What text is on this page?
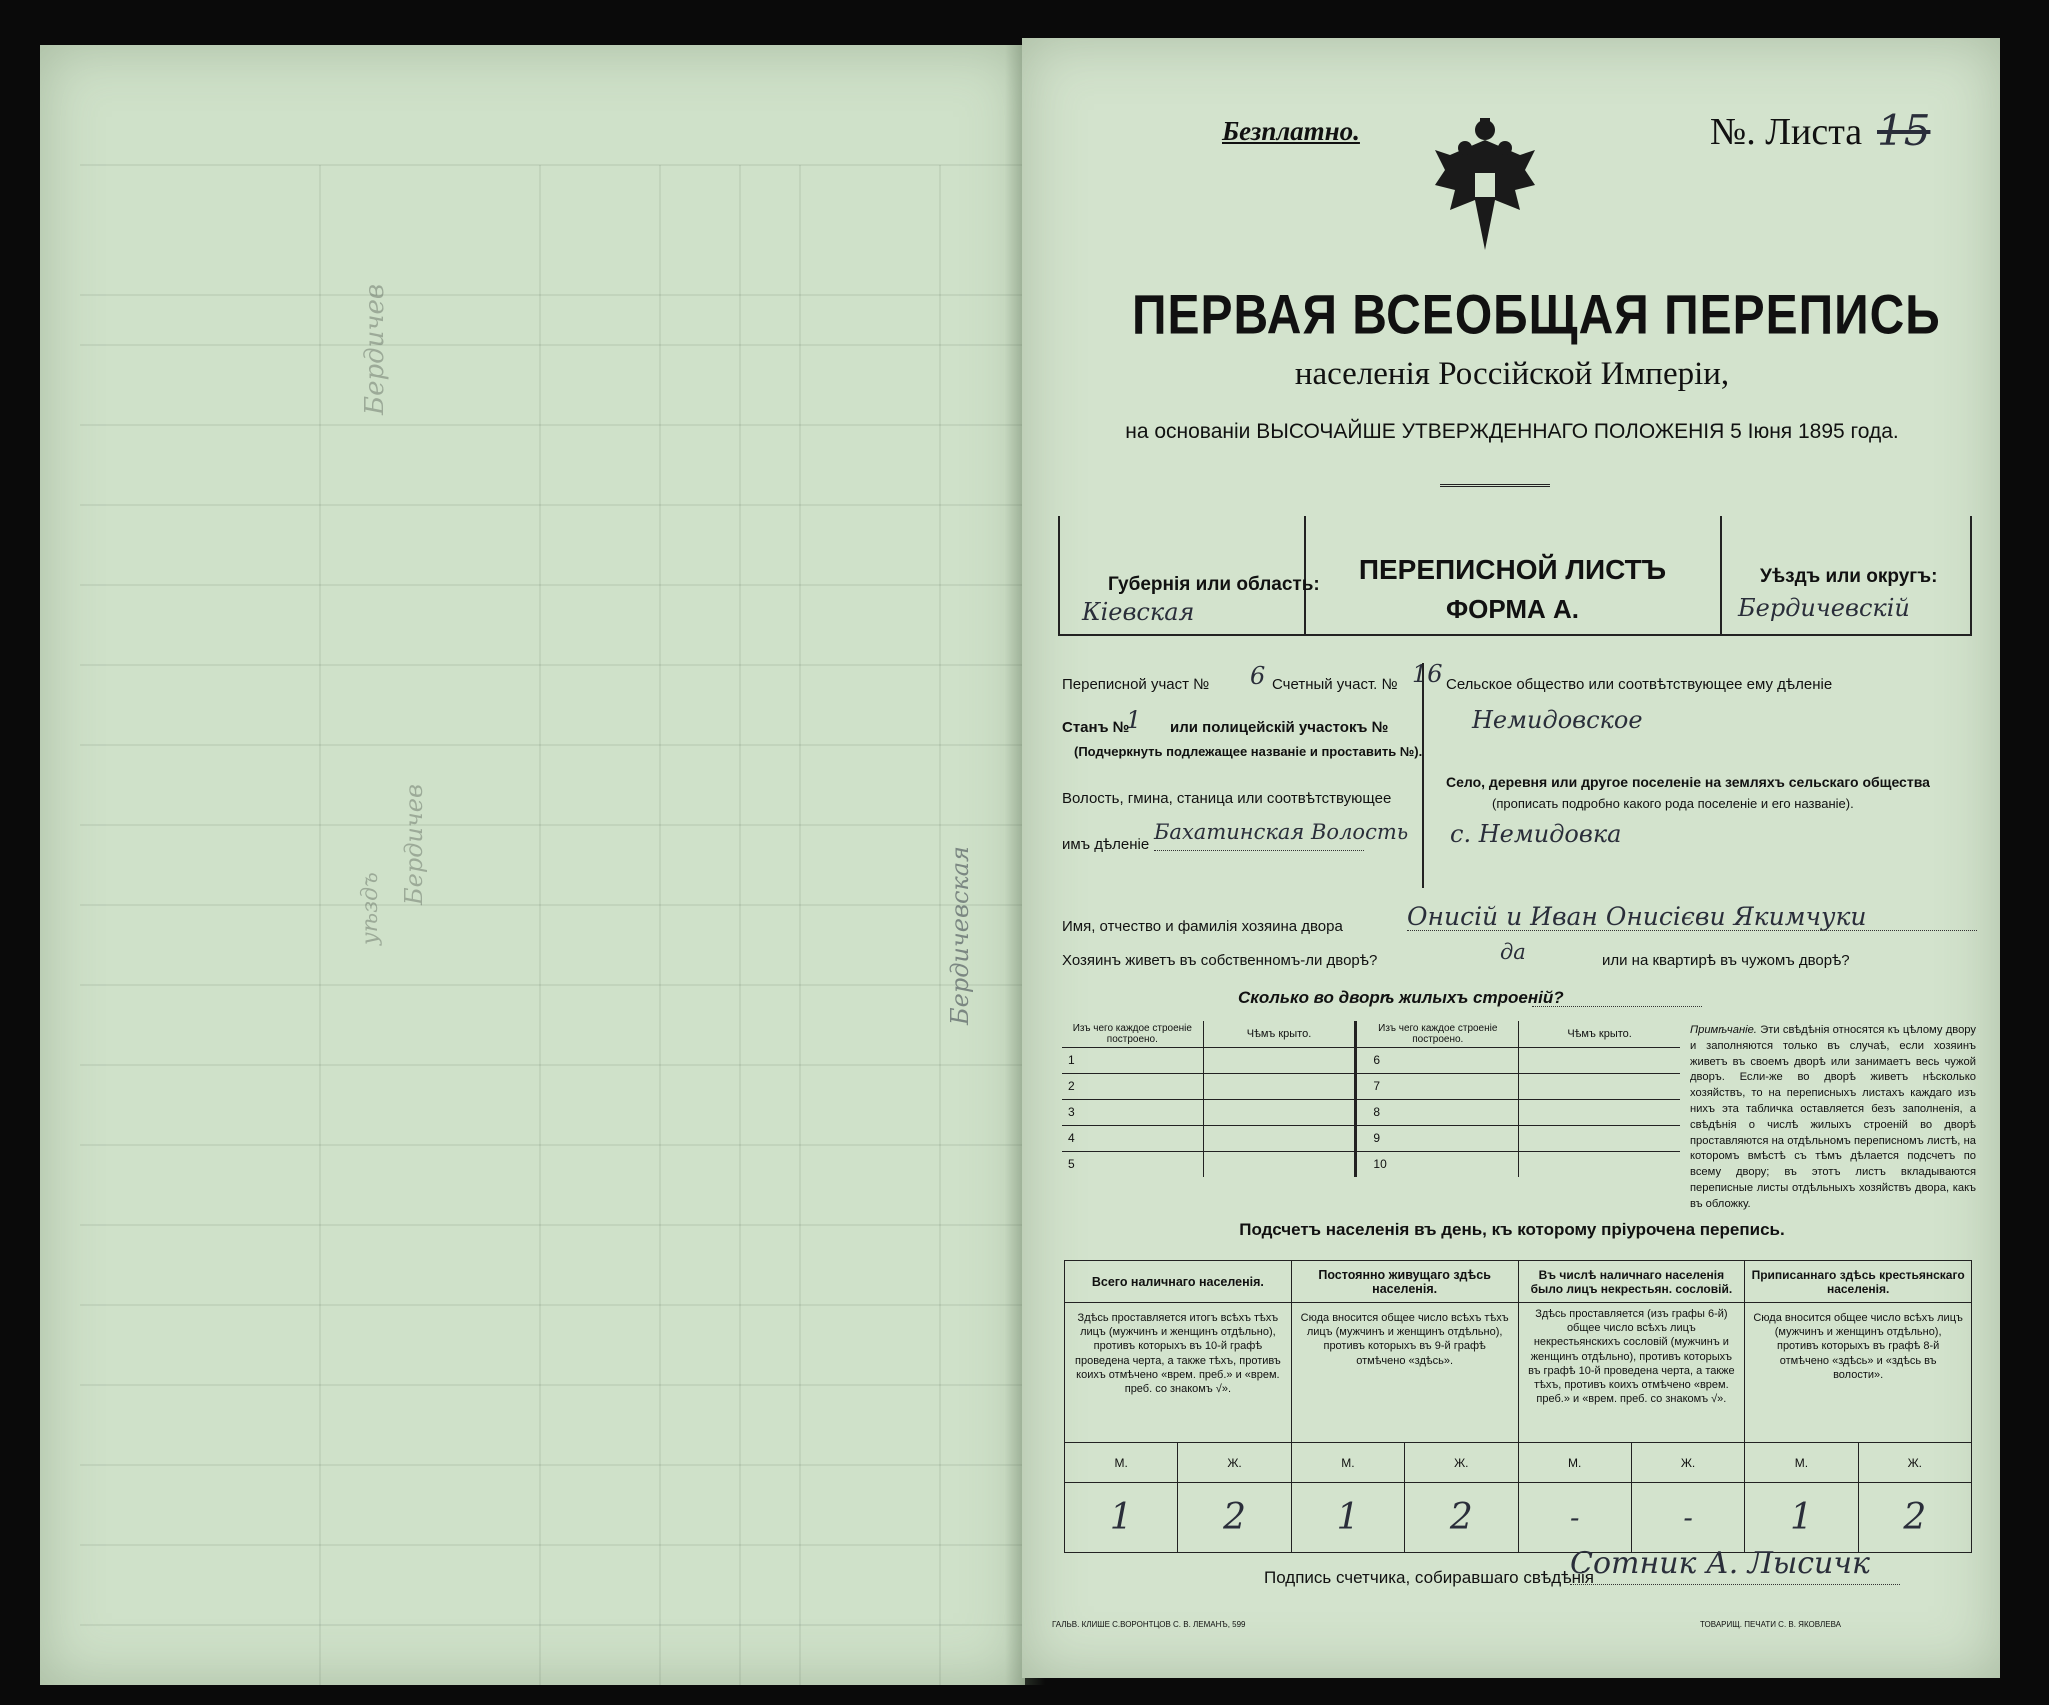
Бердичев
Бердичев
уѣздъ	Бердичевская
Безплатно.	№. Листа 15
ПЕРВАЯ ВСЕОБЩАЯ ПЕРЕПИСЬ
населенія Россійской Имперіи,
на основаніи ВЫСОЧАЙШЕ УТВЕРЖДЕННАГО ПОЛОЖЕНІЯ 5 Іюня 1895 года.
Губернія или область:
Кіевская
ПЕРЕПИСНОЙ ЛИСТЪ
ФОРМА А.
Уѣздъ или округъ:
Бердичевскій
Переписной участ № 6 Счетный участ. № 16
Станъ №
1 или полицейскій участокъ №
(Подчеркнуть подлежащее названіе и проставить №).
Волость, гмина, станица или соотвѣтствующее
имъ дѣленіе
Бахатинская Волость
Сельское общество или соотвѣтствующее ему дѣленіе
Немидовское
Село, деревня или другое поселеніе на земляхъ сельскаго общества
(прописать подробно какого рода поселеніе и его названіе).
с. Немидовка
Имя, отчество и фамилія хозяина двора	Онисій и Иван Онисієви Якимчуки
Хозяинъ живетъ въ собственномъ-ли дворѣ?	да	или на квартирѣ въ чужомъ дворѣ?
Сколько во дворѣ жилыхъ строеній?
Изъ чего каждое строеніе построено.	Чѣмъ крыто.	Изъ чего каждое строеніе построено.	Чѣмъ крыто.
1		6	
2		7	
3		8	
4		9	
5		10	
Примѣчаніе. Эти свѣдѣнія относятся къ цѣлому двору и заполняются только въ случаѣ, если хозяинъ живетъ въ своемъ дворѣ или занимаетъ весь чужой дворъ. Если-же во дворѣ живетъ нѣсколько хозяйствъ, то на переписныхъ листахъ каждаго изъ нихъ эта табличка оставляется безъ заполненія, а свѣдѣнія о числѣ жилыхъ строеній во дворѣ проставляются на отдѣльномъ переписномъ листѣ, на которомъ вмѣстѣ съ тѣмъ дѣлается подсчетъ по всему двору; въ этотъ листъ вкладываются переписные листы отдѣльныхъ хозяйствъ двора, какъ въ обложку.
Подсчетъ населенія въ день, къ которому пріурочена перепись.
Всего наличнаго населенія.		Постоянно живущаго здѣсь населенія.		Въ числѣ наличнаго населенія было лицъ некрестьян. сословій.		Приписаннаго здѣсь крестьянскаго населенія.	
Здѣсь проставляется итогъ всѣхъ тѣхъ лицъ (мужчинъ и женщинъ отдѣльно), противъ которыхъ въ 10-й графѣ проведена черта, а также тѣхъ, противъ коихъ отмѣчено «врем. преб.» и «врем. преб. со знакомъ √».		Сюда вносится общее число всѣхъ тѣхъ лицъ (мужчинъ и женщинъ отдѣльно), противъ которыхъ въ 9-й графѣ отмѣчено «здѣсь».		Здѣсь проставляется (изъ графы 6-й) общее число всѣхъ лицъ некрестьянскихъ сословій (мужчинъ и женщинъ отдѣльно), противъ которыхъ въ графѣ 10-й проведена черта, а также тѣхъ, противъ коихъ отмѣчено «врем. преб.» и «врем. преб. со знакомъ √».		Сюда вносится общее число всѣхъ лицъ (мужчинъ и женщинъ отдѣльно), противъ которыхъ въ графѣ 8-й отмѣчено «здѣсь» и «здѣсь въ волости».	
М.	Ж.	М.	Ж.	М.	Ж.	М.	Ж.
1	2	1	2	-	-	1	2
Подпись счетчика, собиравшаго свѣдѣнія
Сотник А. Лысичк
ГАЛЬВ. КЛИШЕ С.ВОРОНТЦОВ С. В. ЛЕМАНЪ, 599	ТОВАРИЩ. ПЕЧАТИ С. В. ЯКОВЛЕВА
